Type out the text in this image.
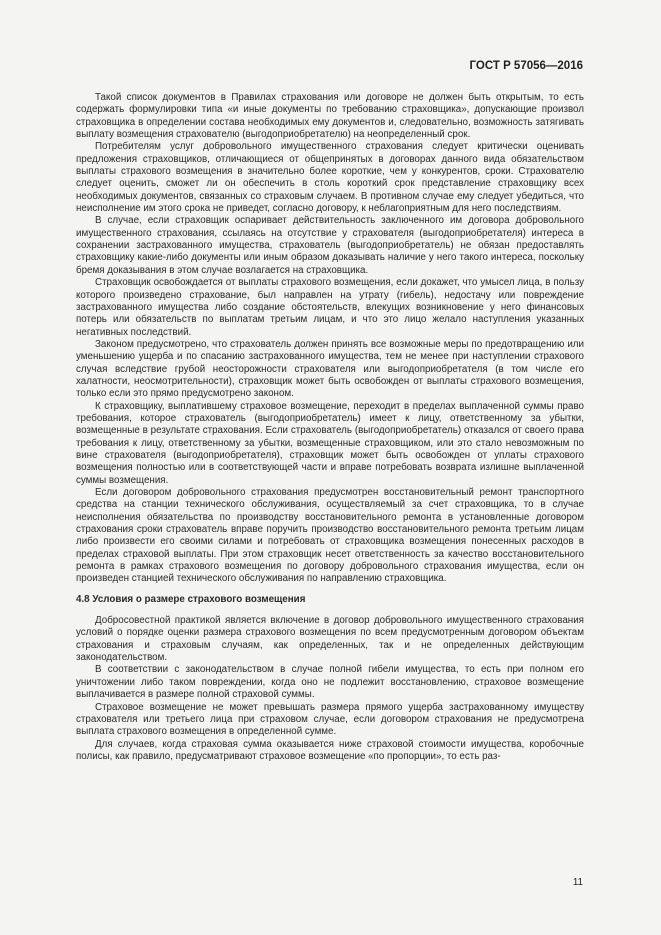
ГОСТ Р 57056—2016

Такой список документов в Правилах страхования или договоре не должен быть открытым, то есть содержать формулировки типа «и иные документы по требованию страховщика», допускающие произвол страховщика в определении состава необходимых ему документов и, следовательно, возможность затягивать выплату возмещения страхователю (выгодоприобретателю) на неопределенный срок.

Потребителям услуг добровольного имущественного страхования следует критически оценивать предложения страховщиков, отличающиеся от общепринятых в договорах данного вида обязательством выплаты страхового возмещения в значительно более короткие, чем у конкурентов, сроки. Страхователю следует оценить, сможет ли он обеспечить в столь короткий срок представление страховщику всех необходимых документов, связанных со страховым случаем. В противном случае ему следует убедиться, что неисполнение им этого срока не приведет, согласно договору, к неблагоприятным для него последствиям.

В случае, если страховщик оспаривает действительность заключенного им договора добровольного имущественного страхования, ссылаясь на отсутствие у страхователя (выгодоприобретателя) интереса в сохранении застрахованного имущества, страхователь (выгодоприобретатель) не обязан предоставлять страховщику какие-либо документы или иным образом доказывать наличие у него такого интереса, поскольку бремя доказывания в этом случае возлагается на страховщика.

Страховщик освобождается от выплаты страхового возмещения, если докажет, что умысел лица, в пользу которого произведено страхование, был направлен на утрату (гибель), недостачу или повреждение застрахованного имущества либо создание обстоятельств, влекущих возникновение у него финансовых потерь или обязательств по выплатам третьим лицам, и что это лицо желало наступления указанных негативных последствий.

Законом предусмотрено, что страхователь должен принять все возможные меры по предотвращению или уменьшению ущерба и по спасанию застрахованного имущества, тем не менее при наступлении страхового случая вследствие грубой неосторожности страхователя или выгодоприобретателя (в том числе его халатности, неосмотрительности), страховщик может быть освобожден от выплаты страхового возмещения, только если это прямо предусмотрено законом.

К страховщику, выплатившему страховое возмещение, переходит в пределах выплаченной суммы право требования, которое страхователь (выгодоприобретатель) имеет к лицу, ответственному за убытки, возмещенные в результате страхования. Если страхователь (выгодоприобретатель) отказался от своего права требования к лицу, ответственному за убытки, возмещенные страховщиком, или это стало невозможным по вине страхователя (выгодоприобретателя), страховщик может быть освобожден от уплаты страхового возмещения полностью или в соответствующей части и вправе потребовать возврата излишне выплаченной суммы возмещения.

Если договором добровольного страхования предусмотрен восстановительный ремонт транспортного средства на станции технического обслуживания, осуществляемый за счет страховщика, то в случае неисполнения обязательства по производству восстановительного ремонта в установленные договором страхования сроки страхователь вправе поручить производство восстановительного ремонта третьим лицам либо произвести его своими силами и потребовать от страховщика возмещения понесенных расходов в пределах страховой выплаты. При этом страховщик несет ответственность за качество восстановительного ремонта в рамках страхового возмещения по договору добровольного страхования имущества, если он произведен станцией технического обслуживания по направлению страховщика.

4.8 Условия о размере страхового возмещения

Добросовестной практикой является включение в договор добровольного имущественного страхования условий о порядке оценки размера страхового возмещения по всем предусмотренным договором объектам страхования и страховым случаям, как определенных, так и не определенных действующим законодательством.

В соответствии с законодательством в случае полной гибели имущества, то есть при полном его уничтожении либо таком повреждении, когда оно не подлежит восстановлению, страховое возмещение выплачивается в размере полной страховой суммы.

Страховое возмещение не может превышать размера прямого ущерба застрахованному имуществу страхователя или третьего лица при страховом случае, если договором страхования не предусмотрена выплата страхового возмещения в определенной сумме.

Для случаев, когда страховая сумма оказывается ниже страховой стоимости имущества, коробочные полисы, как правило, предусматривают страховое возмещение «по пропорции», то есть раз-

11
